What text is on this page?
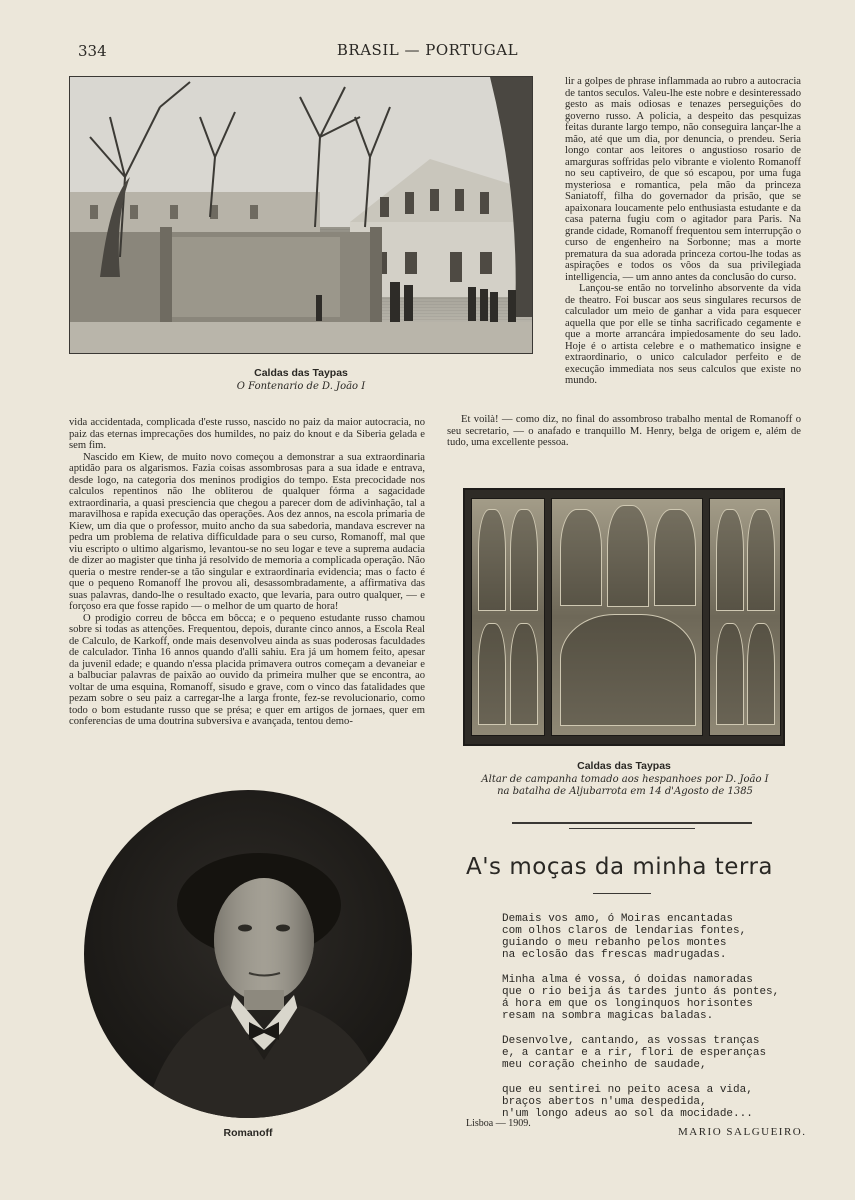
334	BRASIL — PORTUGAL
Caldas das Taypas
O Fontenario de D. João I

lir a golpes de phrase inflammada ao rubro a autocracia de tantos seculos. Valeu-lhe este nobre e desinteressado gesto as mais odiosas e tenazes perseguições do governo russo. A policia, a despeito das pesquizas feitas durante largo tempo, não conseguira lançar-lhe a mão, até que um dia, por denuncia, o prendeu. Seria longo contar aos leitores o angustioso rosario de amarguras soffridas pelo vibrante e violento Romanoff no seu captiveiro, de que só escapou, por uma fuga mysteriosa e romantica, pela mão da princeza Saniatoff, filha do governador da prisão, que se apaixonara loucamente pelo enthusiasta estudante e da casa paterna fugiu com o agitador para Paris. Na grande cidade, Romanoff frequentou sem interrupção o curso de engenheiro na Sorbonne; mas a morte prematura da sua adorada princeza cortou-lhe todas as aspirações e todos os vôos da sua privilegiada intelligencia, — um anno antes da conclusão do curso.

Lançou-se então no torvelinho absorvente da vida de theatro. Foi buscar aos seus singulares recursos de calculador um meio de ganhar a vida para esquecer aquella que por elle se tinha sacrificado cegamente e que a morte arrancára impiedosamente do seu lado. Hoje é o artista celebre e o mathematico insigne e extraordinario, o unico calculador perfeito e de execução immediata nos seus calculos que existe no mundo.

Et voilà! — como diz, no final do assombroso trabalho mental de Romanoff o seu secretario, — o anafado e tranquillo M. Henry, belga de origem e, além de tudo, uma excellente pessoa.

vida accidentada, complicada d'este russo, nascido no paiz da maior autocracia, no paiz das eternas imprecações dos humildes, no paiz do knout e da Siberia gelada e sem fim.

Nascido em Kiew, de muito novo começou a demonstrar a sua extraordinaria aptidão para os algarismos. Fazia coisas assombrosas para a sua idade e entrava, desde logo, na categoria dos meninos prodigios do tempo. Esta precocidade nos calculos repentinos não lhe obliterou de qualquer fórma a sagacidade extraordinaria, a quasi presciencia que chegou a parecer dom de adivinhação, tal a maravilhosa e rapida execução das operações. Aos dez annos, na escola primaria de Kiew, um dia que o professor, muito ancho da sua sabedoria, mandava escrever na pedra um problema de relativa difficuldade para o seu curso, Romanoff, mal que viu escripto o ultimo algarismo, levantou-se no seu logar e teve a suprema audacia de dizer ao magister que tinha já resolvido de memoria a complicada operação. Não queria o mestre render-se a tão singular e extraordinaria evidencia; mas o facto é que o pequeno Romanoff lhe provou ali, desassombradamente, a affirmativa das suas palavras, dando-lhe o resultado exacto, que levaria, para outro qualquer, — e forçoso era que fosse rapido — o melhor de um quarto de hora!

O prodigio correu de bôcca em bôcca; e o pequeno estudante russo chamou sobre si todas as attenções. Frequentou, depois, durante cinco annos, a Escola Real de Calculo, de Karkoff, onde mais desenvolveu ainda as suas poderosas faculdades de calculador. Tinha 16 annos quando d'alli sahiu. Era já um homem feito, apesar da juvenil edade; e quando n'essa placida primavera outros começam a devaneiar e a balbuciar palavras de paixão ao ouvido da primeira mulher que se encontra, ao voltar de uma esquina, Romanoff, sisudo e grave, com o vinco das fatalidades que pezam sobre o seu paiz a carregar-lhe a larga fronte, fez-se revolucionario, como todo o bom estudante russo que se présa; e quer em artigos de jornaes, quer em conferencias de uma doutrina subversiva e avançada, tentou demo-

Caldas das Taypas
Altar de campanha tomado aos hespanhoes por D. João I
na batalha de Aljubarrota em 14 d'Agosto de 1385
Romanoff
A's moças da minha terra
Demais vos amo, ó Moiras encantadas
com olhos claros de lendarias fontes,
guiando o meu rebanho pelos montes
na eclosão das frescas madrugadas.
Minha alma é vossa, ó doidas namoradas
que o rio beija ás tardes junto ás pontes,
á hora em que os longinquos horisontes
resam na sombra magicas baladas.
Desenvolve, cantando, as vossas tranças
e, a cantar e a rir, flori de esperanças
meu coração cheinho de saudade,
que eu sentirei no peito acesa a vida,
braços abertos n'uma despedida,
n'um longo adeus ao sol da mocidade...
Lisboa — 1909.
MARIO SALGUEIRO.
